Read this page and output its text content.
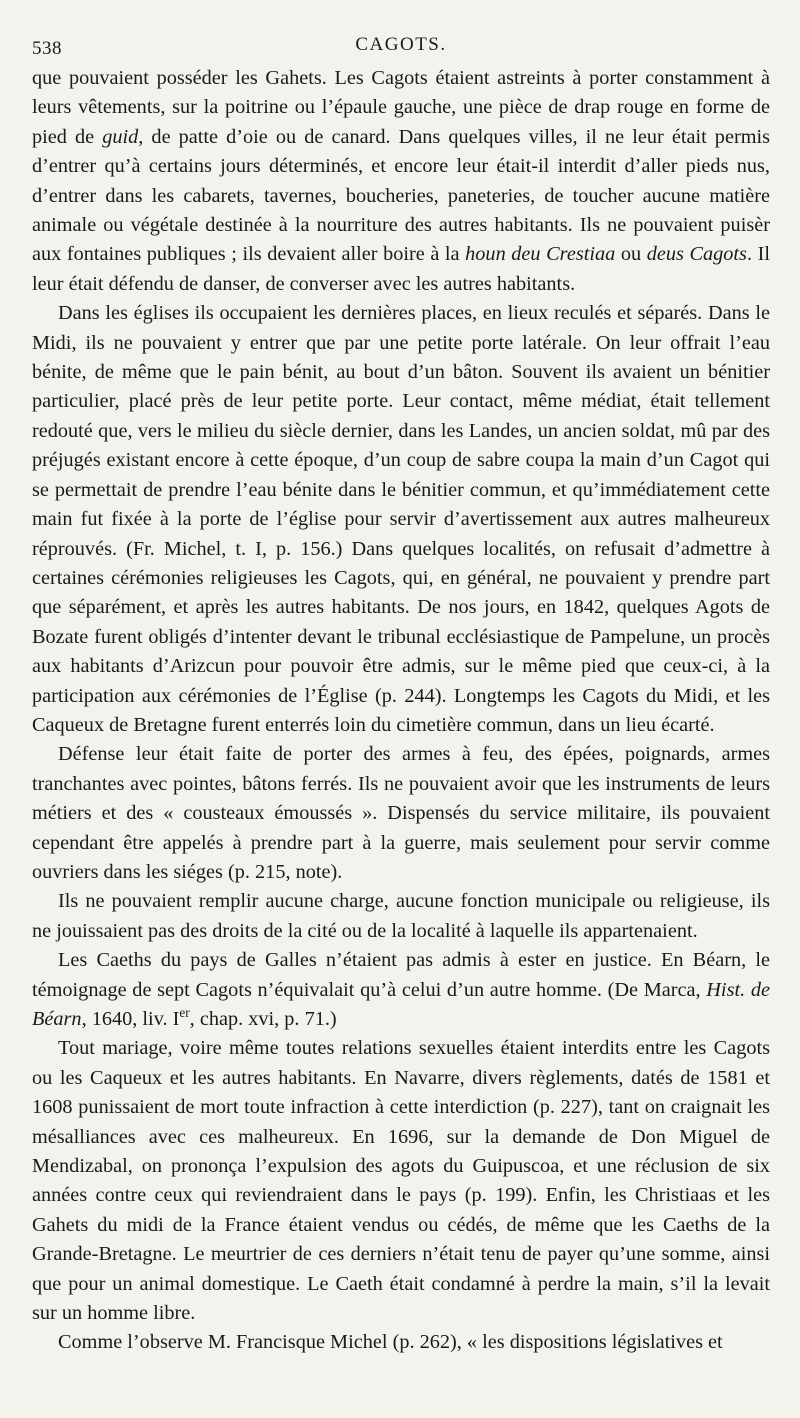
538	CAGOTS.

que pouvaient posséder les Gahets. Les Cagots étaient astreints à porter constamment à leurs vêtements, sur la poitrine ou l’épaule gauche, une pièce de drap rouge en forme de pied de guid, de patte d’oie ou de canard. Dans quelques villes, il ne leur était permis d’entrer qu’à certains jours déterminés, et encore leur était-il interdit d’aller pieds nus, d’entrer dans les cabarets, tavernes, boucheries, paneteries, de toucher aucune matière animale ou végétale destinée à la nourriture des autres habitants. Ils ne pouvaient puisèr aux fontaines publiques ; ils devaient aller boire à la houn deu Crestiaa ou deus Cagots. Il leur était défendu de danser, de converser avec les autres habitants.

Dans les églises ils occupaient les dernières places, en lieux reculés et séparés. Dans le Midi, ils ne pouvaient y entrer que par une petite porte latérale. On leur offrait l’eau bénite, de même que le pain bénit, au bout d’un bâton. Souvent ils avaient un bénitier particulier, placé près de leur petite porte. Leur contact, même médiat, était tellement redouté que, vers le milieu du siècle dernier, dans les Landes, un ancien soldat, mû par des préjugés existant encore à cette époque, d’un coup de sabre coupa la main d’un Cagot qui se permettait de prendre l’eau bénite dans le bénitier commun, et qu’immédiatement cette main fut fixée à la porte de l’église pour servir d’avertissement aux autres malheureux réprouvés. (Fr. Michel, t. I, p. 156.) Dans quelques localités, on refusait d’admettre à certaines cérémonies religieuses les Cagots, qui, en général, ne pouvaient y prendre part que séparément, et après les autres habitants. De nos jours, en 1842, quelques Agots de Bozate furent obligés d’intenter devant le tribunal ecclésiastique de Pampelune, un procès aux habitants d’Arizcun pour pouvoir être admis, sur le même pied que ceux-ci, à la participation aux cérémonies de l’Église (p. 244). Longtemps les Cagots du Midi, et les Caqueux de Bretagne furent enterrés loin du cimetière commun, dans un lieu écarté.

Défense leur était faite de porter des armes à feu, des épées, poignards, armes tranchantes avec pointes, bâtons ferrés. Ils ne pouvaient avoir que les instruments de leurs métiers et des « cousteaux émoussés ». Dispensés du service militaire, ils pouvaient cependant être appelés à prendre part à la guerre, mais seulement pour servir comme ouvriers dans les siéges (p. 215, note).

Ils ne pouvaient remplir aucune charge, aucune fonction municipale ou religieuse, ils ne jouissaient pas des droits de la cité ou de la localité à laquelle ils appartenaient.

Les Caeths du pays de Galles n’étaient pas admis à ester en justice. En Béarn, le témoignage de sept Cagots n’équivalait qu’à celui d’un autre homme. (De Marca, Hist. de Béarn, 1640, liv. Ier, chap. xvi, p. 71.)

Tout mariage, voire même toutes relations sexuelles étaient interdits entre les Cagots ou les Caqueux et les autres habitants. En Navarre, divers règlements, datés de 1581 et 1608 punissaient de mort toute infraction à cette interdiction (p. 227), tant on craignait les mésalliances avec ces malheureux. En 1696, sur la demande de Don Miguel de Mendizabal, on prononça l’expulsion des agots du Guipuscoa, et une réclusion de six années contre ceux qui reviendraient dans le pays (p. 199). Enfin, les Christiaas et les Gahets du midi de la France étaient vendus ou cédés, de même que les Caeths de la Grande-Bretagne. Le meurtrier de ces derniers n’était tenu de payer qu’une somme, ainsi que pour un animal domestique. Le Caeth était condamné à perdre la main, s’il la levait sur un homme libre.

Comme l’observe M. Francisque Michel (p. 262), « les dispositions législatives et
